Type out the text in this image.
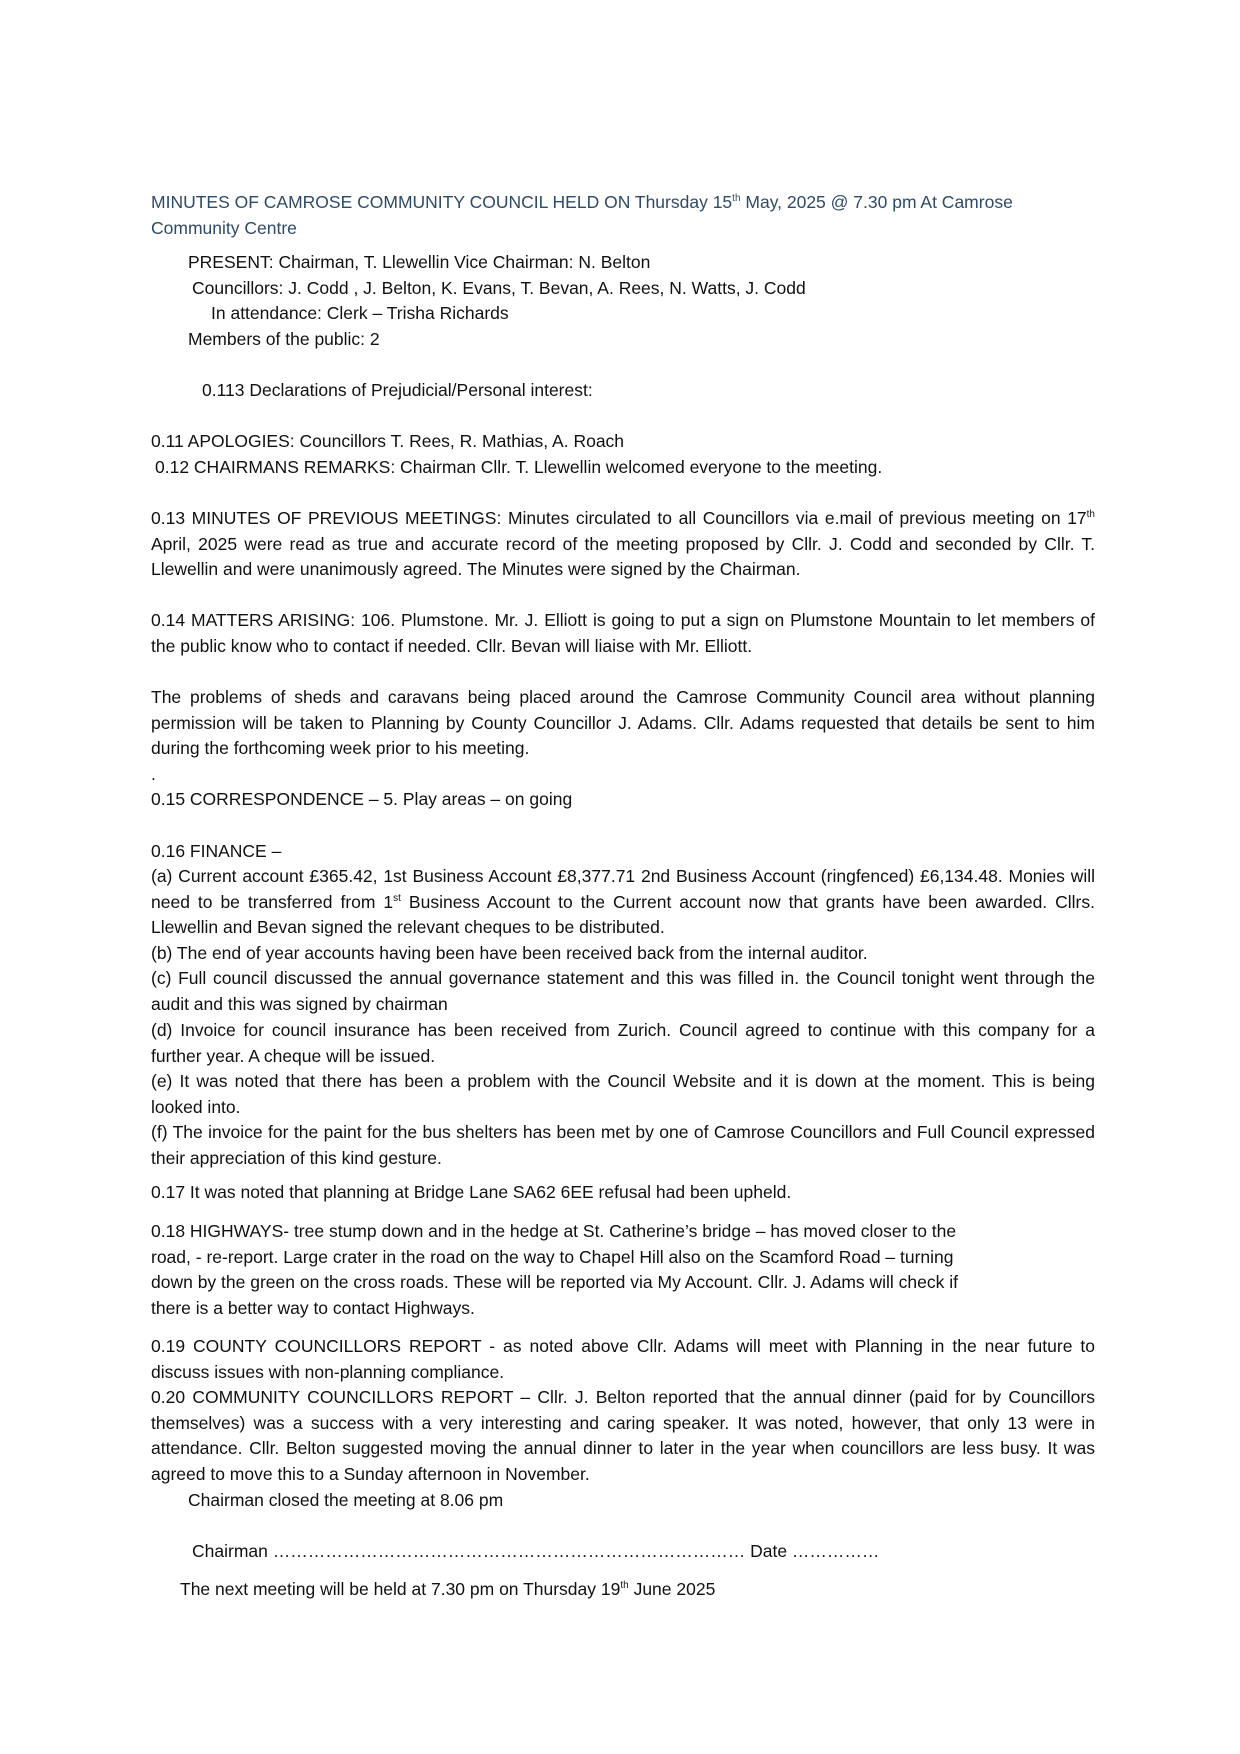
MINUTES OF CAMROSE COMMUNITY COUNCIL HELD ON Thursday 15th May, 2025 @ 7.30 pm At Camrose Community Centre
PRESENT: Chairman, T. Llewellin Vice Chairman: N. Belton
Councillors: J. Codd , J. Belton, K. Evans, T. Bevan, A. Rees, N. Watts, J. Codd
In attendance: Clerk – Trisha Richards
Members of the public: 2
0.113 Declarations of Prejudicial/Personal interest:
0.11 APOLOGIES: Councillors T. Rees, R. Mathias, A. Roach
0.12 CHAIRMANS REMARKS: Chairman Cllr. T. Llewellin welcomed everyone to the meeting.
0.13 MINUTES OF PREVIOUS MEETINGS: Minutes circulated to all Councillors via e.mail of previous meeting on 17th April, 2025 were read as true and accurate record of the meeting proposed by Cllr. J. Codd and seconded by Cllr. T. Llewellin and were unanimously agreed. The Minutes were signed by the Chairman.
0.14 MATTERS ARISING: 106. Plumstone. Mr. J. Elliott is going to put a sign on Plumstone Mountain to let members of the public know who to contact if needed. Cllr. Bevan will liaise with Mr. Elliott.
The problems of sheds and caravans being placed around the Camrose Community Council area without planning permission will be taken to Planning by County Councillor J. Adams. Cllr. Adams requested that details be sent to him during the forthcoming week prior to his meeting.
.
0.15 CORRESPONDENCE – 5. Play areas – on going
0.16 FINANCE –
(a) Current account £365.42, 1st Business Account £8,377.71 2nd Business Account (ringfenced) £6,134.48. Monies will need to be transferred from 1st Business Account to the Current account now that grants have been awarded. Cllrs. Llewellin and Bevan signed the relevant cheques to be distributed.
(b) The end of year accounts having been have been received back from the internal auditor.
(c) Full council discussed the annual governance statement and this was filled in. the Council tonight went through the audit and this was signed by chairman
(d) Invoice for council insurance has been received from Zurich. Council agreed to continue with this company for a further year. A cheque will be issued.
(e) It was noted that there has been a problem with the Council Website and it is down at the moment. This is being looked into.
(f) The invoice for the paint for the bus shelters has been met by one of Camrose Councillors and Full Council expressed their appreciation of this kind gesture.
0.17 It was noted that planning at Bridge Lane SA62 6EE refusal had been upheld.
0.18 HIGHWAYS- tree stump down and in the hedge at St. Catherine’s bridge – has moved closer to the
road, - re-report. Large crater in the road on the way to Chapel Hill also on the Scamford Road – turning
down by the green on the cross roads. These will be reported via My Account. Cllr. J. Adams will check if
there is a better way to contact Highways.
0.19 COUNTY COUNCILLORS REPORT - as noted above Cllr. Adams will meet with Planning in the near future to discuss issues with non-planning compliance.
0.20 COMMUNITY COUNCILLORS REPORT – Cllr. J. Belton reported that the annual dinner (paid for by Councillors themselves) was a success with a very interesting and caring speaker. It was noted, however, that only 13 were in attendance. Cllr. Belton suggested moving the annual dinner to later in the year when councillors are less busy. It was agreed to move this to a Sunday afternoon in November.
Chairman closed the meeting at 8.06 pm
Chairman ……………………………………………………………………… Date ……………
The next meeting will be held at 7.30 pm on Thursday 19th June 2025
